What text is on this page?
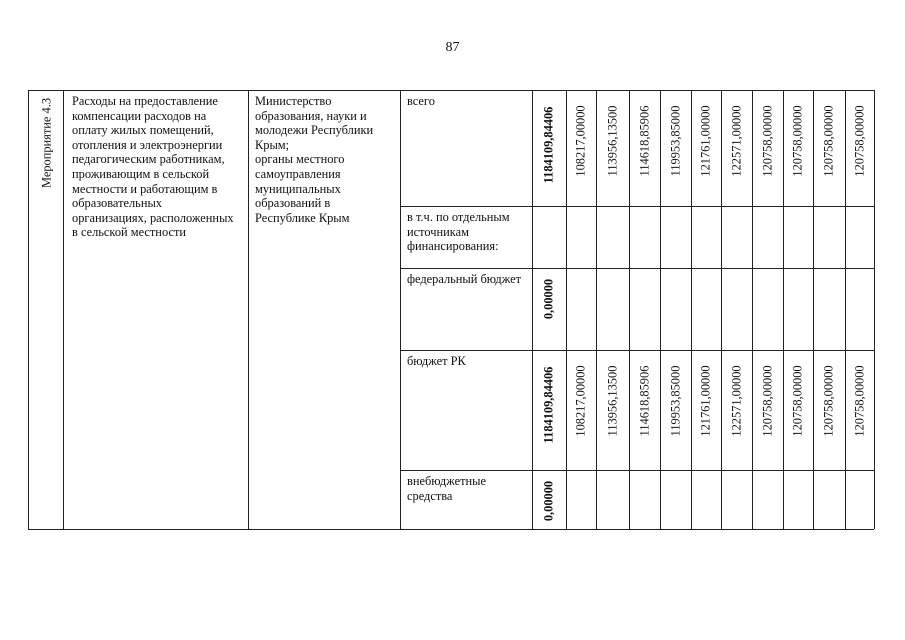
87
Мероприятие 4.3 Расходы на предоставление
компенсации расходов на
оплату жилых помещений,
отопления и электроэнергии
педагогическим работникам,
проживающим в сельской
местности и работающим в
образовательных
организациях, расположенных
в сельской местности
Министерство
образования, науки и
молодежи Республики
Крым;
органы местного
самоуправления
муниципальных
образований в
Республике Крым
всего
1184109,84406 108217,00000 113956,13500 114618,85906 119953,85000 121761,00000 122571,00000 120758,00000 120758,00000 120758,00000 120758,00000
в т.ч. по отдельным
источникам
финансирования:
федеральный бюджет
0,00000
бюджет РК
1184109,84406 108217,00000 113956,13500 114618,85906 119953,85000 121761,00000 122571,00000 120758,00000 120758,00000 120758,00000 120758,00000
внебюджетные
средства	0,00000
